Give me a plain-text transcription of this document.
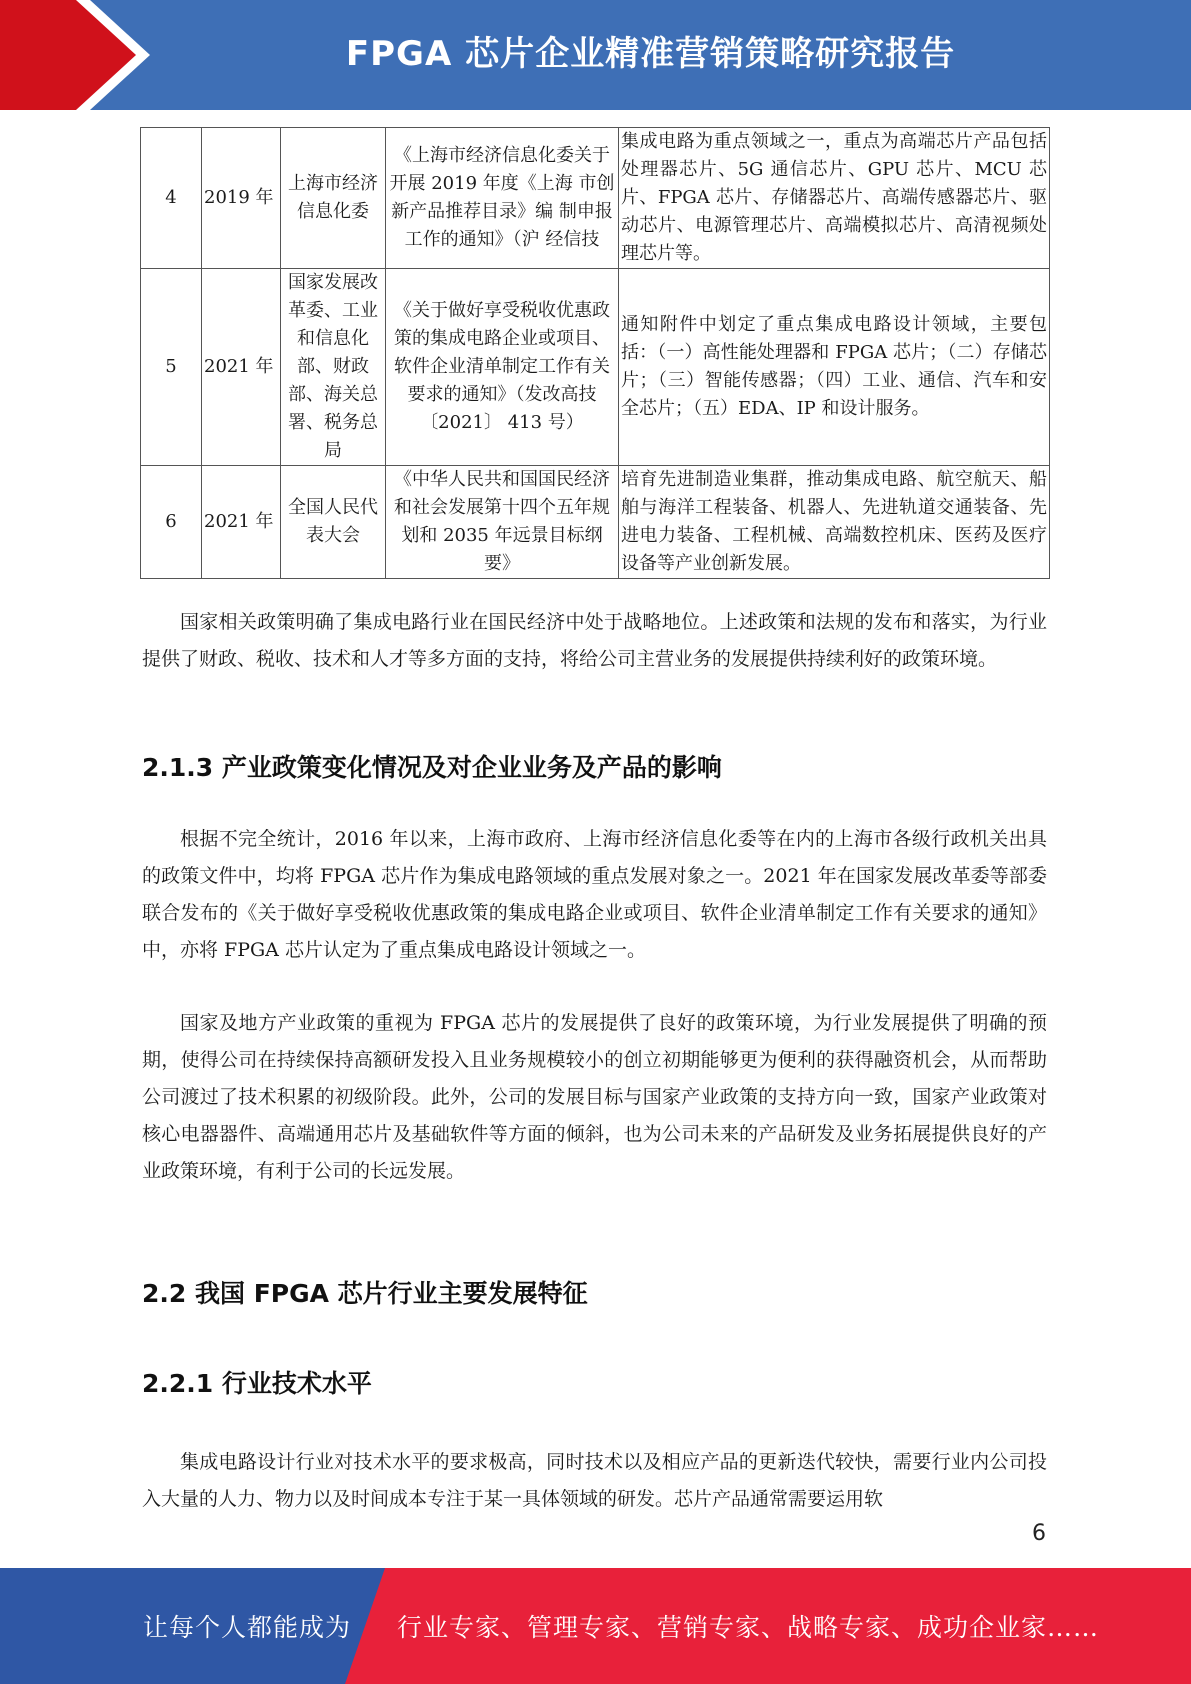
FPGA 芯片企业精准营销策略研究报告
4	2019 年	上海市经济信息化委	《上海市经济信息化委关于开展 2019 年度《上海 市创新产品推荐目录》编 制申报工作的通知》（沪 经信技	集成电路为重点领域之一，重点为高端芯片产品包括处理器芯片、5G 通信芯片、GPU 芯片、MCU 芯片、FPGA 芯片、存储器芯片、高端传感器芯片、驱动芯片、电源管理芯片、高端模拟芯片、高清视频处理芯片等。
5	2021 年	国家发展改革委、工业和信息化部、财政部、海关总署、税务总局	《关于做好享受税收优惠政策的集成电路企业或项目、软件企业清单制定工作有关要求的通知》（发改高技〔2021〕 413 号）	通知附件中划定了重点集成电路设计领域，主要包括：（一）高性能处理器和 FPGA 芯片；（二）存储芯片；（三）智能传感器；（四）工业、通信、汽车和安全芯片；（五）EDA、IP 和设计服务。
6	2021 年	全国人民代表大会	《中华人民共和国国民经济和社会发展第十四个五年规划和 2035 年远景目标纲要》	培育先进制造业集群，推动集成电路、航空航天、船舶与海洋工程装备、机器人、先进轨道交通装备、先进电力装备、工程机械、高端数控机床、医药及医疗设备等产业创新发展。

国家相关政策明确了集成电路行业在国民经济中处于战略地位。上述政策和法规的发布和落实，为行业提供了财政、税收、技术和人才等多方面的支持，将给公司主营业务的发展提供持续利好的政策环境。

2.1.3 产业政策变化情况及对企业业务及产品的影响

根据不完全统计，2016 年以来，上海市政府、上海市经济信息化委等在内的上海市各级行政机关出具的政策文件中，均将 FPGA 芯片作为集成电路领域的重点发展对象之一。2021 年在国家发展改革委等部委联合发布的《关于做好享受税收优惠政策的集成电路企业或项目、软件企业清单制定工作有关要求的通知》中，亦将 FPGA 芯片认定为了重点集成电路设计领域之一。

国家及地方产业政策的重视为 FPGA 芯片的发展提供了良好的政策环境，为行业发展提供了明确的预期，使得公司在持续保持高额研发投入且业务规模较小的创立初期能够更为便利的获得融资机会，从而帮助公司渡过了技术积累的初级阶段。此外，公司的发展目标与国家产业政策的支持方向一致，国家产业政策对核心电器器件、高端通用芯片及基础软件等方面的倾斜，也为公司未来的产品研发及业务拓展提供良好的产业政策环境，有利于公司的长远发展。

2.2 我国 FPGA 芯片行业主要发展特征
2.2.1 行业技术水平

集成电路设计行业对技术水平的要求极高，同时技术以及相应产品的更新迭代较快，需要行业内公司投入大量的人力、物力以及时间成本专注于某一具体领域的研发。芯片产品通常需要运用软

6
让每个人都能成为 行业专家、管理专家、营销专家、战略专家、成功企业家……
